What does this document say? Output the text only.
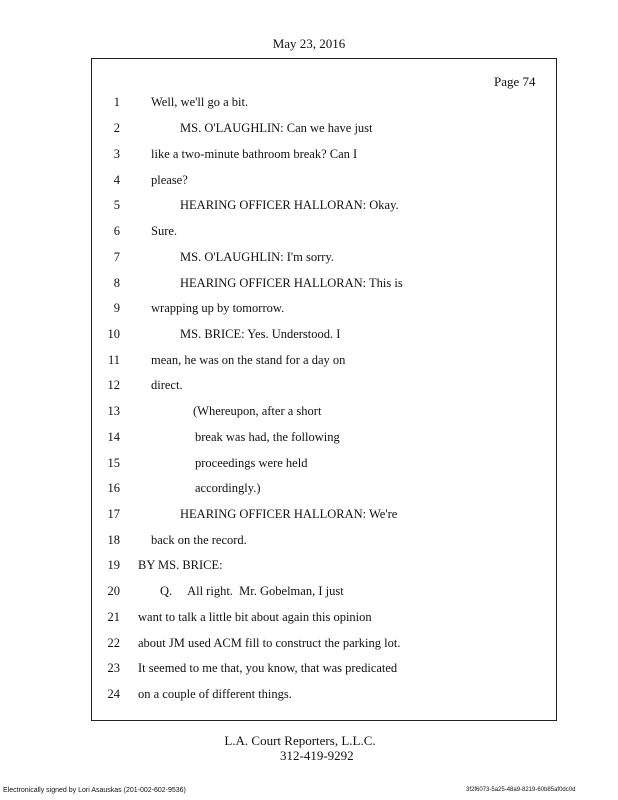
May 23, 2016
Page 74
1 Well, we'll go a bit.
2	MS. O'LAUGHLIN: Can we have just
3 like a two-minute bathroom break? Can I
4 please?
5	HEARING OFFICER HALLORAN: Okay.
6 Sure.
7	MS. O'LAUGHLIN: I'm sorry.
8	HEARING OFFICER HALLORAN: This is
9 wrapping up by tomorrow.
10	MS. BRICE: Yes. Understood. I
11 mean, he was on the stand for a day on
12 direct.
13	(Whereupon, after a short
14	break was had, the following
15	proceedings were held
16	accordingly.)
17	HEARING OFFICER HALLORAN: We're
18 back on the record.
19 BY MS. BRICE:
20	Q.     All right.  Mr. Gobelman, I just
21 want to talk a little bit about again this opinion
22 about JM used ACM fill to construct the parking lot.
23 It seemed to me that, you know, that was predicated
24 on a couple of different things.
L.A. Court Reporters, L.L.C.
312-419-9292
Electronically signed by Lori Asauskas (201-002-602-9536)	3f2f6073-5a25-48a9-8219-60b85af0dc0d
